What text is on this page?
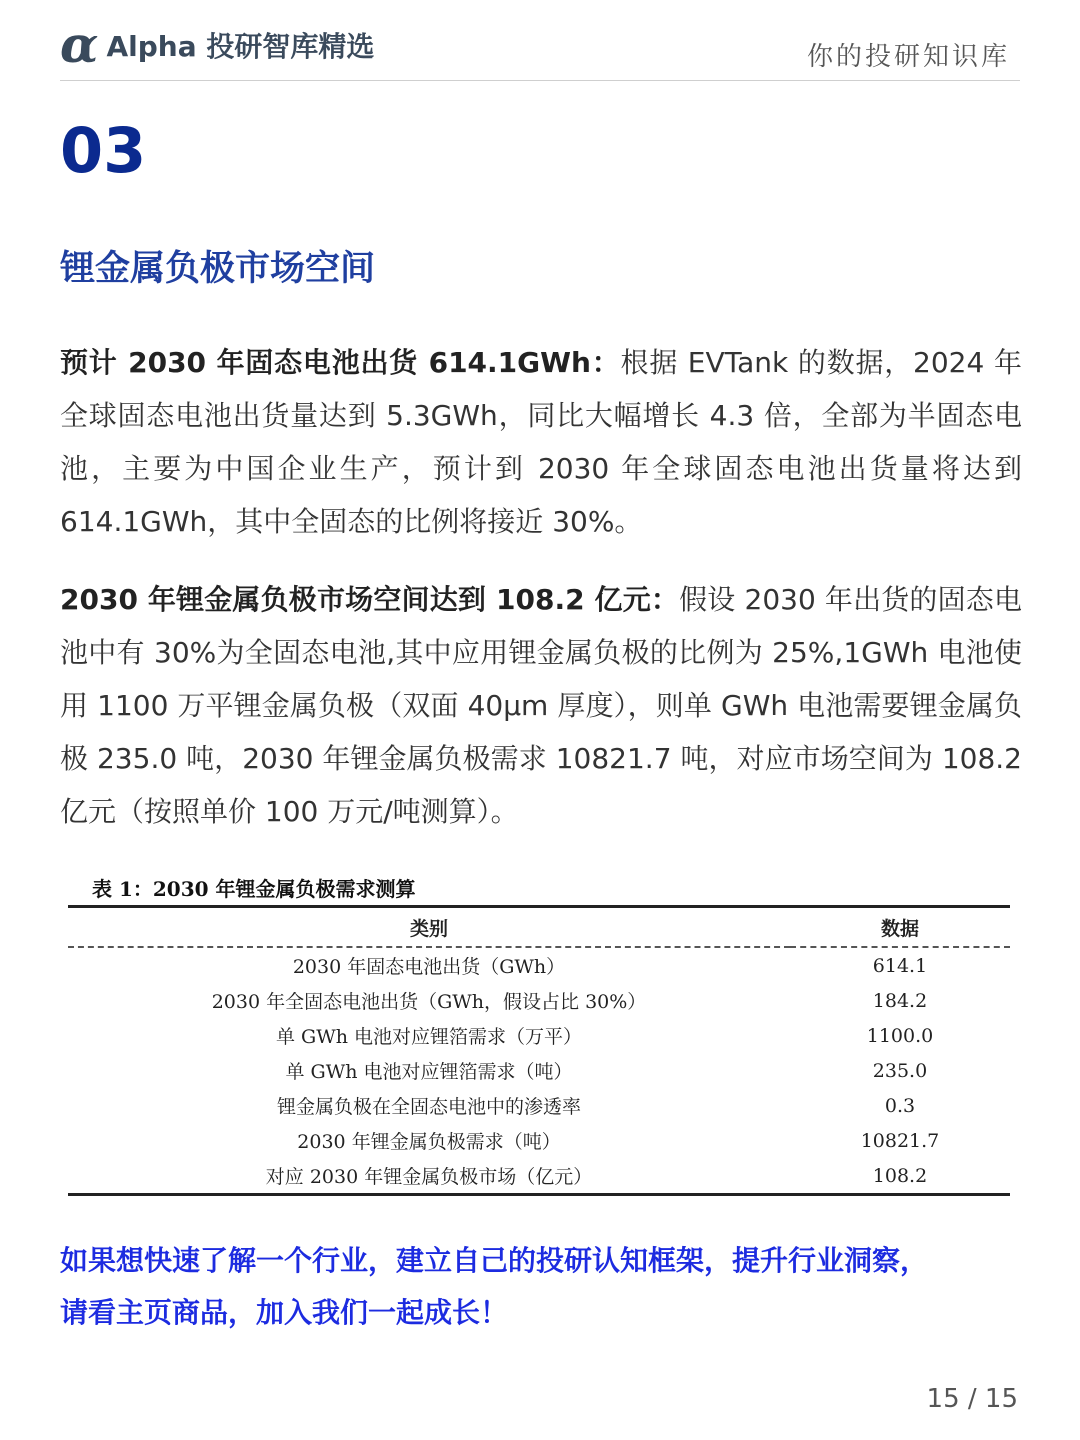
α Alpha 投研智库精选	你的投研知识库
03
锂金属负极市场空间

预计 2030 年固态电池出货 614.1GWh：根据 EVTank 的数据，2024 年全球固态电池出货量达到 5.3GWh，同比大幅增长 4.3 倍，全部为半固态电池，主要为中国企业生产，预计到 2030 年全球固态电池出货量将达到 614.1GWh，其中全固态的比例将接近 30%。

2030 年锂金属负极市场空间达到 108.2 亿元：假设 2030 年出货的固态电池中有 30%为全固态电池,其中应用锂金属负极的比例为 25%,1GWh 电池使用 1100 万平锂金属负极（双面 40μm 厚度），则单 GWh 电池需要锂金属负极 235.0 吨，2030 年锂金属负极需求 10821.7 吨，对应市场空间为 108.2 亿元（按照单价 100 万元/吨测算）。

表 1：2030 年锂金属负极需求测算
类别	数据
2030 年固态电池出货（GWh）	614.1
2030 年全固态电池出货（GWh，假设占比 30%）	184.2
单 GWh 电池对应锂箔需求（万平）	1100.0
单 GWh 电池对应锂箔需求（吨）	235.0
锂金属负极在全固态电池中的渗透率	0.3
2030 年锂金属负极需求（吨）	10821.7
对应 2030 年锂金属负极市场（亿元）	108.2

如果想快速了解一个行业，建立自己的投研认知框架，提升行业洞察，
请看主页商品，加入我们一起成长！

15 / 15
